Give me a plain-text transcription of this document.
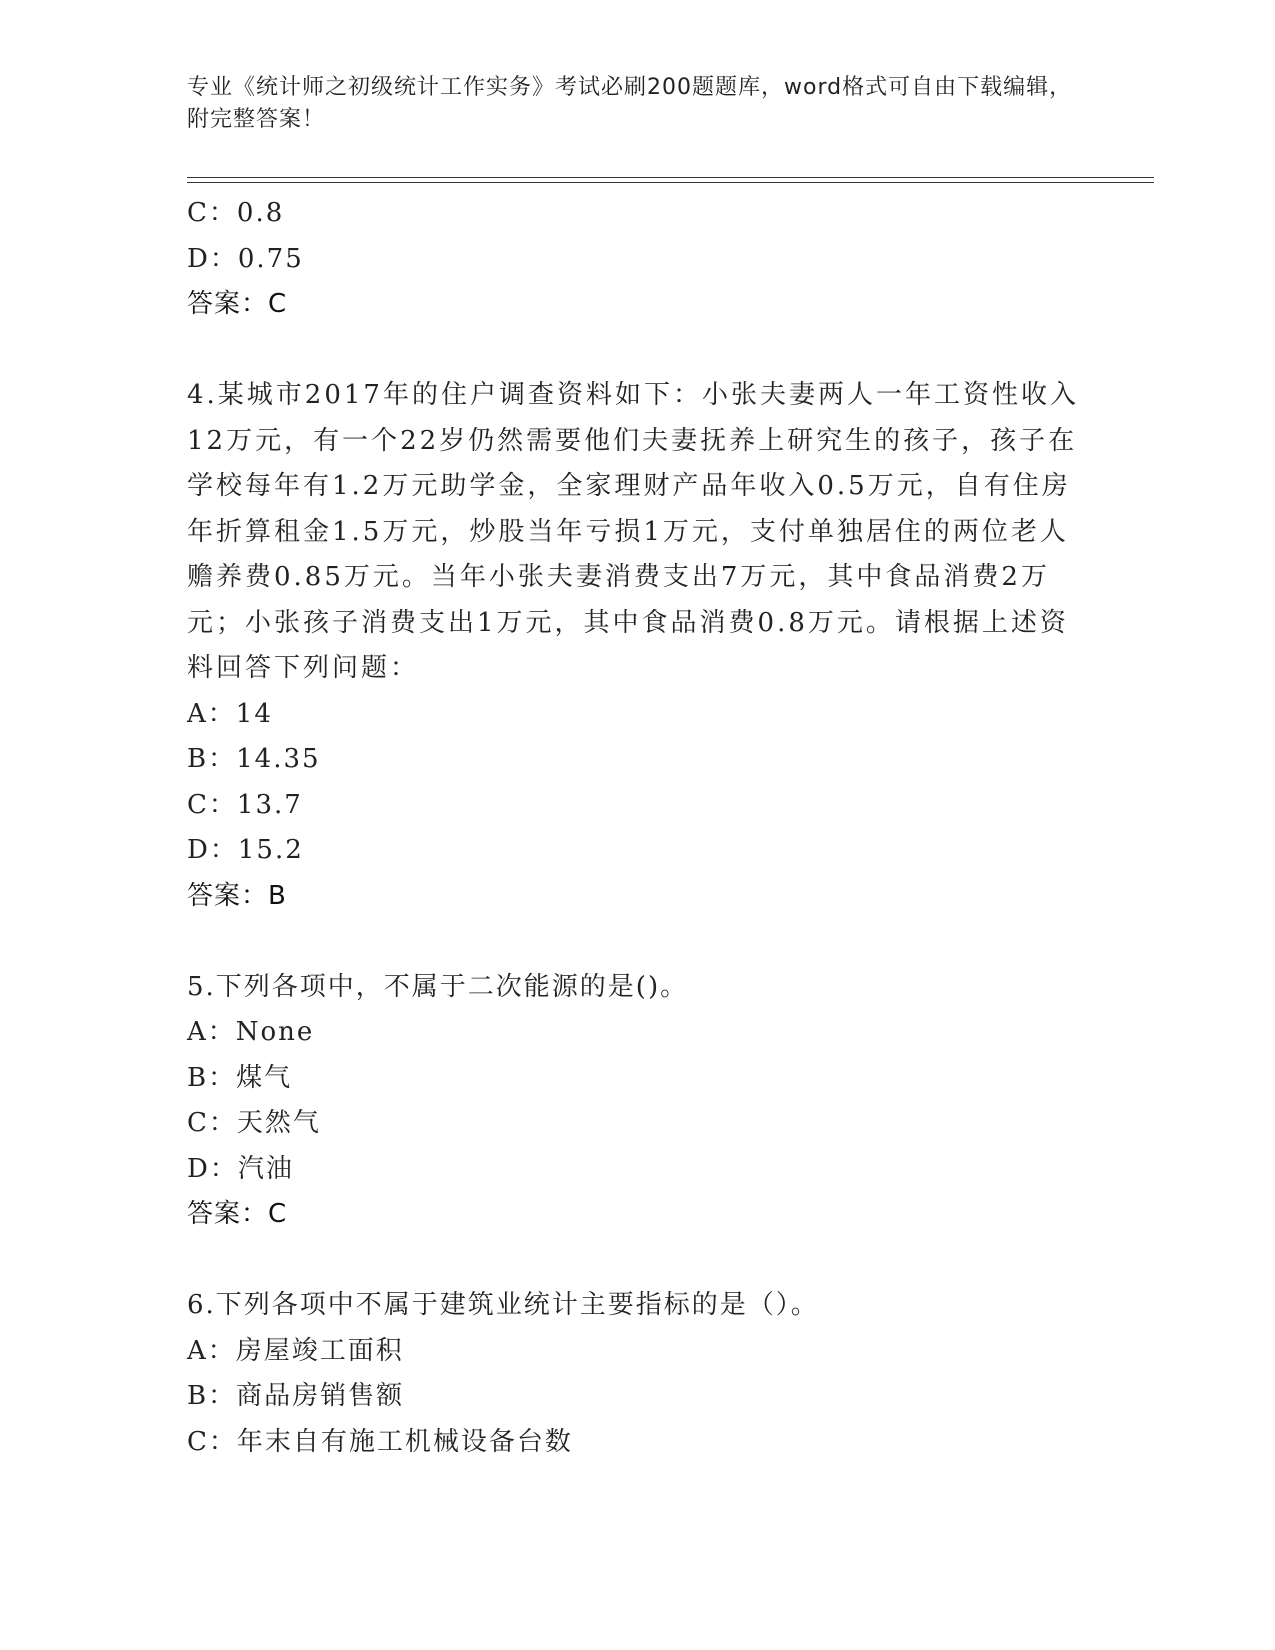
专业《统计师之初级统计工作实务》考试必刷200题题库，word格式可自由下载编辑，附完整答案！
C：0.8
D：0.75
答案：C
4.某城市2017年的住户调查资料如下：小张夫妻两人一年工资性收入12万元，有一个22岁仍然需要他们夫妻抚养上研究生的孩子，孩子在学校每年有1.2万元助学金，全家理财产品年收入0.5万元，自有住房年折算租金1.5万元，炒股当年亏损1万元，支付单独居住的两位老人赡养费0.85万元。当年小张夫妻消费支出7万元，其中食品消费2万元；小张孩子消费支出1万元，其中食品消费0.8万元。请根据上述资料回答下列问题：
A：14
B：14.35
C：13.7
D：15.2
答案：B
5.下列各项中，不属于二次能源的是()。
A：None
B：煤气
C：天然气
D：汽油
答案：C
6.下列各项中不属于建筑业统计主要指标的是（）。
A：房屋竣工面积
B：商品房销售额
C：年末自有施工机械设备台数
